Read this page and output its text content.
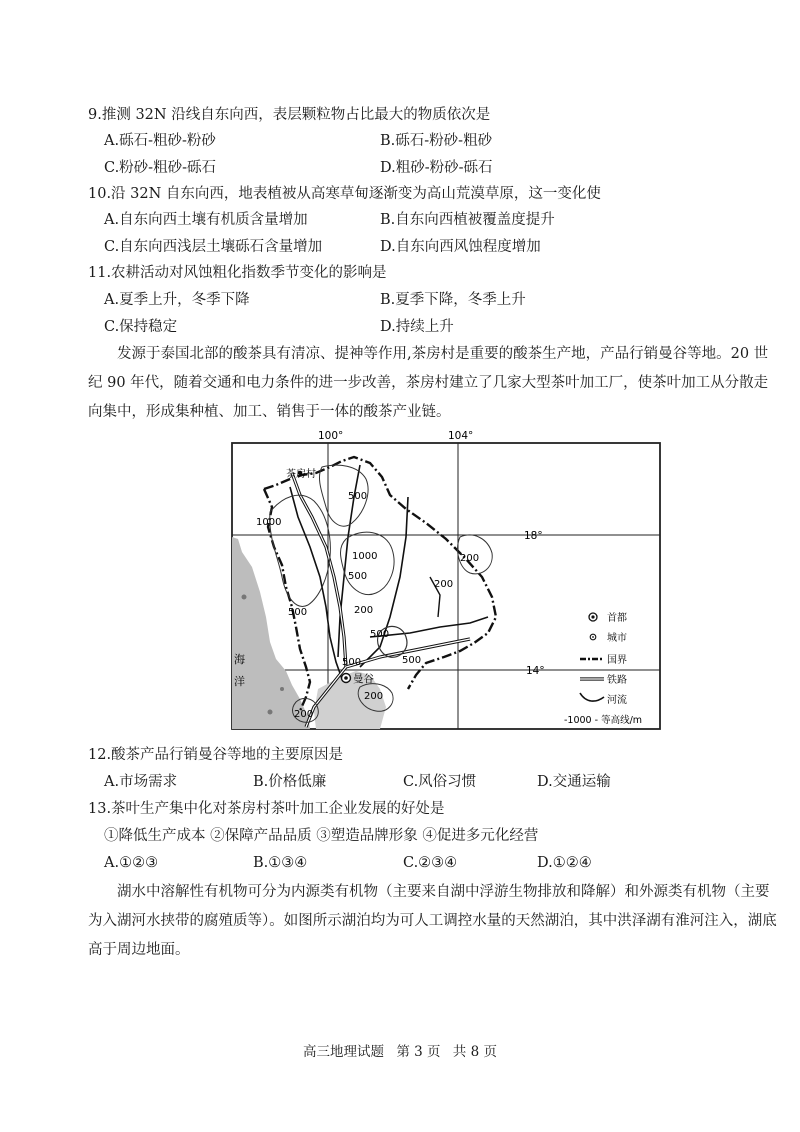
9.推测 32N 沿线自东向西，表层颗粒物占比最大的物质依次是
A.砾石-粗砂-粉砂	B.砾石-粉砂-粗砂
C.粉砂-粗砂-砾石	D.粗砂-粉砂-砾石
10.沿 32N 自东向西，地表植被从高寒草甸逐渐变为高山荒漠草原，这一变化使
A.自东向西土壤有机质含量增加	B.自东向西植被覆盖度提升
C.自东向西浅层土壤砾石含量增加	D.自东向西风蚀程度增加
11.农耕活动对风蚀粗化指数季节变化的影响是
A.夏季上升，冬季下降	B.夏季下降，冬季上升
C.保持稳定	D.持续上升
发源于泰国北部的酸茶具有清凉、提神等作用,茶房村是重要的酸茶生产地，产品行销曼谷等地。20 世纪 90 年代，随着交通和电力条件的进一步改善，茶房村建立了几家大型茶叶加工厂，使茶叶加工从分散走向集中，形成集种植、加工、销售于一体的酸茶产业链。
茶房村
曼谷
海
洋
500
1000
1000
500
200
500	200
500
500
200
500
200
200
100°	104°
18°
14°
首都
城市
国界
铁路
河流
-1000 - 等高线/m
12.酸茶产品行销曼谷等地的主要原因是
A.市场需求	B.价格低廉	C.风俗习惯	D.交通运输
13.茶叶生产集中化对茶房村茶叶加工企业发展的好处是
①降低生产成本 ②保障产品品质 ③塑造品牌形象 ④促进多元化经营
A.①②③	B.①③④	C.②③④	D.①②④
湖水中溶解性有机物可分为内源类有机物（主要来自湖中浮游生物排放和降解）和外源类有机物（主要为入湖河水挟带的腐殖质等）。如图所示湖泊均为可人工调控水量的天然湖泊，其中洪泽湖有淮河注入，湖底高于周边地面。
高三地理试题 第 3 页 共 8 页
